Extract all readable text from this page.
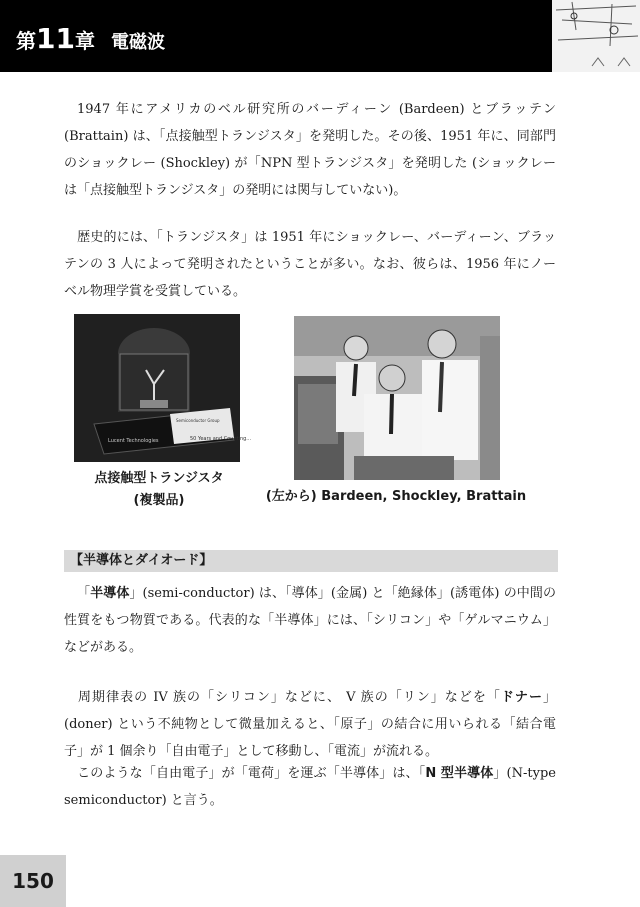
第11章 電磁波

1947 年にアメリカのベル研究所のバーディーン (Bardeen) とブラッテン (Brattain) は、「点接触型トランジスタ」を発明した。その後、1951 年に、同部門のショックレー (Shockley) が「NPN 型トランジスタ」を発明した (ショックレーは「点接触型トランジスタ」の発明には関与していない)。

歴史的には、「トランジスタ」は 1951 年にショックレー、バーディーン、ブラッテンの 3 人によって発明されたということが多い。なお、彼らは、1956 年にノーベル物理学賞を受賞している。

Semiconductor Group
50 Years and Counting...
Lucent Technologies
点接触型トランジスタ
(複製品)	(左から) Bardeen, Shockley, Brattain
【半導体とダイオード】

「半導体」(semi-conductor) は、「導体」(金属) と「絶縁体」(誘電体) の中間の性質をもつ物質である。代表的な「半導体」には、「シリコン」や「ゲルマニウム」などがある。

周期律表の IV 族の「シリコン」などに、 V 族の「リン」などを「ドナー」(doner) という不純物として微量加えると、「原子」の結合に用いられる「結合電子」が 1 個余り「自由電子」として移動し、「電流」が流れる。

このような「自由電子」が「電荷」を運ぶ「半導体」は、「N 型半導体」(N-type semiconductor) と言う。

150
